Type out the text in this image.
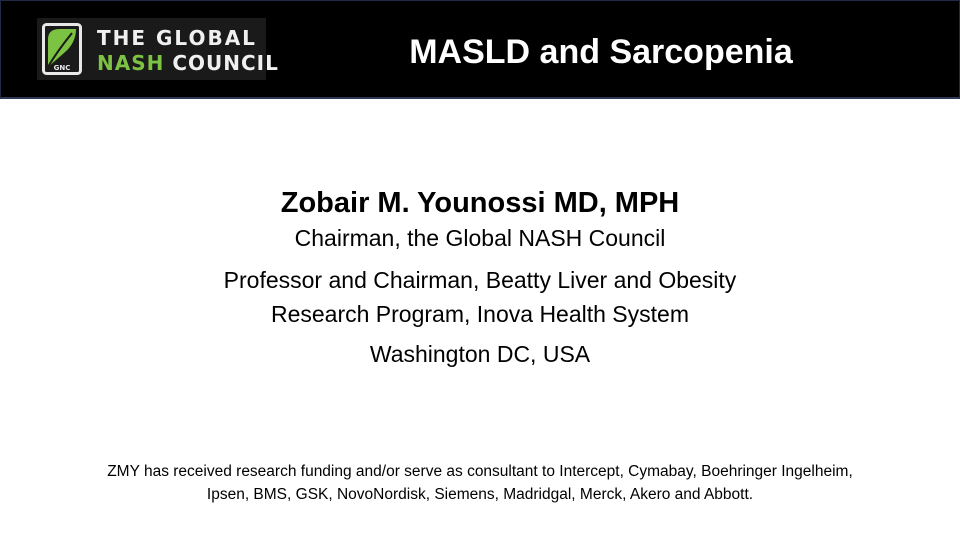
GNC
THE GLOBAL
NASH COUNCIL	MASLD and Sarcopenia
Zobair M. Younossi MD, MPH
Chairman, the Global NASH Council
Professor and Chairman, Beatty Liver and Obesity
Research Program, Inova Health System
Washington DC, USA
ZMY has received research funding and/or serve as consultant to Intercept, Cymabay, Boehringer Ingelheim,
Ipsen, BMS, GSK, NovoNordisk, Siemens, Madridgal, Merck, Akero and Abbott.
